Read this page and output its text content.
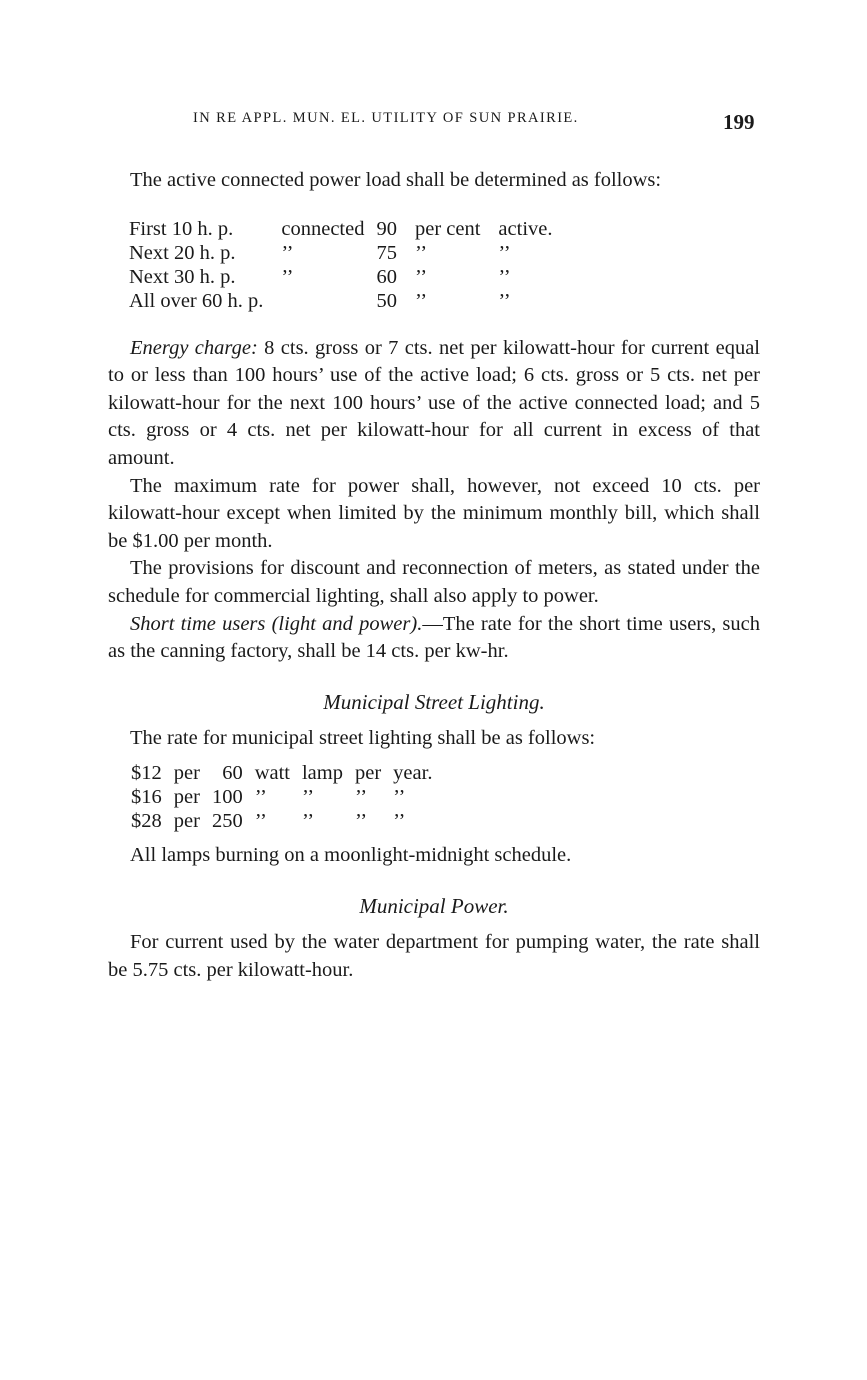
IN RE APPL. MUN. EL. UTILITY OF SUN PRAIRIE.	199

The active connected power load shall be determined as follows:

First 10 h. p.	connected	90	per cent	active.
Next 20 h. p.	’’	75	’’	’’
Next 30 h. p.	’’	60	’’	’’
All over 60 h. p.		50	’’	’’

Energy charge: 8 cts. gross or 7 cts. net per kilowatt-hour for current equal to or less than 100 hours’ use of the active load; 6 cts. gross or 5 cts. net per kilowatt-hour for the next 100 hours’ use of the active connected load; and 5 cts. gross or 4 cts. net per kilowatt-hour for all current in excess of that amount.

The maximum rate for power shall, however, not exceed 10 cts. per kilowatt-hour except when limited by the minimum monthly bill, which shall be $1.00 per month.

The provisions for discount and reconnection of meters, as stated under the schedule for commercial lighting, shall also apply to power.

Short time users (light and power).—The rate for the short time users, such as the canning factory, shall be 14 cts. per kw-hr.

Municipal Street Lighting.

The rate for municipal street lighting shall be as follows:

$12	per	60	watt	lamp	per	year.
$16	per	100	’’	’’	’’	’’
$28	per	250	’’	’’	’’	’’

All lamps burning on a moonlight-midnight schedule.

Municipal Power.

For current used by the water department for pumping water, the rate shall be 5.75 cts. per kilowatt-hour.
